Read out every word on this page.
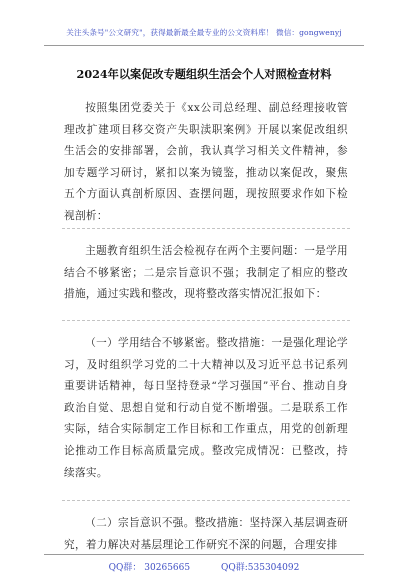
关注头条号"公文研究"，获得最新最全最专业的公文资料库！ 微信：gongwenyj
2024年以案促改专题组织生活会个人对照检查材料
按照集团党委关于《xx公司总经理、副总经理接收管理改扩建项目移交资产失职渎职案例》开展以案促改组织生活会的安排部署，会前，我认真学习相关文件精神，参加专题学习研讨，紧扣以案为镜鉴，推动以案促改，聚焦五个方面认真剖析原因、查摆问题，现按照要求作如下检视剖析：
主题教育组织生活会检视存在两个主要问题：一是学用结合不够紧密；二是宗旨意识不强；我制定了相应的整改措施，通过实践和整改，现将整改落实情况汇报如下：
（一）学用结合不够紧密。整改措施：一是强化理论学习，及时组织学习党的二十大精神以及习近平总书记系列重要讲话精神，每日坚持登录“学习强国”平台、推动自身政治自觉、思想自觉和行动自觉不断增强。二是联系工作实际，结合实际制定工作目标和工作重点，用党的创新理论推动工作目标高质量完成。整改完成情况：已整改，持续落实。
（二）宗旨意识不强。整改措施：坚持深入基层调查研究，着力解决对基层理论工作研究不深的问题，合理安排
QQ群： 30265665	QQ群:535304092
